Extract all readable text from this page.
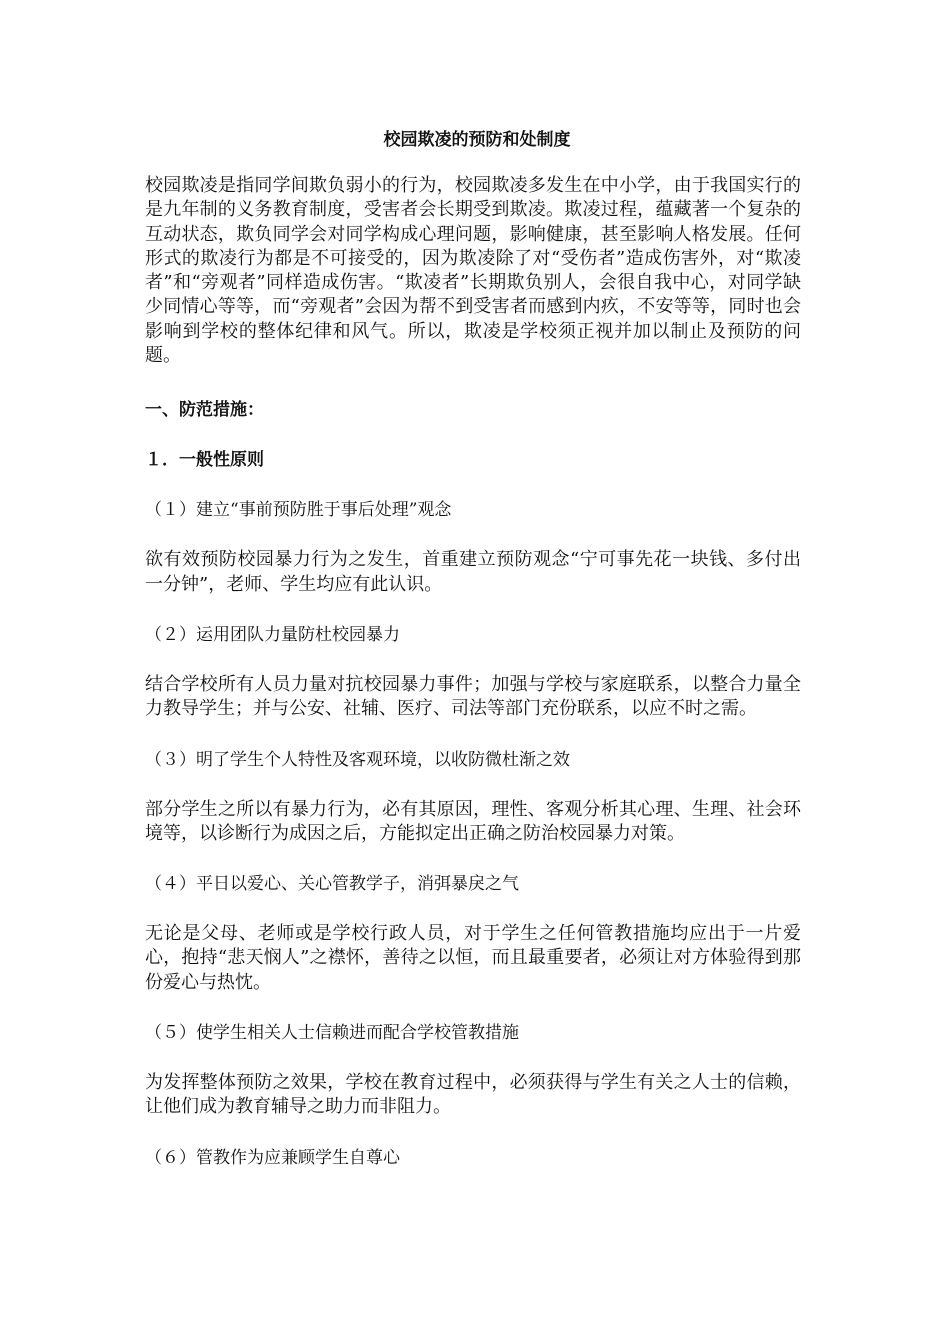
校园欺凌的预防和处制度

校园欺凌是指同学间欺负弱小的行为，校园欺凌多发生在中小学，由于我国实行的是九年制的义务教育制度，受害者会长期受到欺凌。欺凌过程，蕴藏著一个复杂的互动状态，欺负同学会对同学构成心理问题，影响健康，甚至影响人格发展。任何形式的欺凌行为都是不可接受的，因为欺凌除了对“受伤者”造成伤害外，对“欺凌者”和“旁观者”同样造成伤害。“欺凌者”长期欺负别人，会很自我中心，对同学缺少同情心等等，而“旁观者”会因为帮不到受害者而感到内疚，不安等等，同时也会影响到学校的整体纪律和风气。所以，欺凌是学校须正视并加以制止及预防的问题。

一、防范措施：

１．一般性原则

（１）建立“事前预防胜于事后处理”观念

欲有效预防校园暴力行为之发生，首重建立预防观念“宁可事先花一块钱、多付出一分钟”，老师、学生均应有此认识。

（２）运用团队力量防杜校园暴力

结合学校所有人员力量对抗校园暴力事件；加强与学校与家庭联系，以整合力量全力教导学生；并与公安、社辅、医疗、司法等部门充份联系，以应不时之需。

（３）明了学生个人特性及客观环境，以收防微杜渐之效

部分学生之所以有暴力行为，必有其原因，理性、客观分析其心理、生理、社会环境等，以诊断行为成因之后，方能拟定出正确之防治校园暴力对策。

（４）平日以爱心、关心管教学子，消弭暴戾之气

无论是父母、老师或是学校行政人员，对于学生之任何管教措施均应出于一片爱心，抱持“悲天悯人”之襟怀，善待之以恒，而且最重要者，必须让对方体验得到那份爱心与热忱。

（５）使学生相关人士信赖进而配合学校管教措施

为发挥整体预防之效果，学校在教育过程中，必须获得与学生有关之人士的信赖，让他们成为教育辅导之助力而非阻力。

（６）管教作为应兼顾学生自尊心
